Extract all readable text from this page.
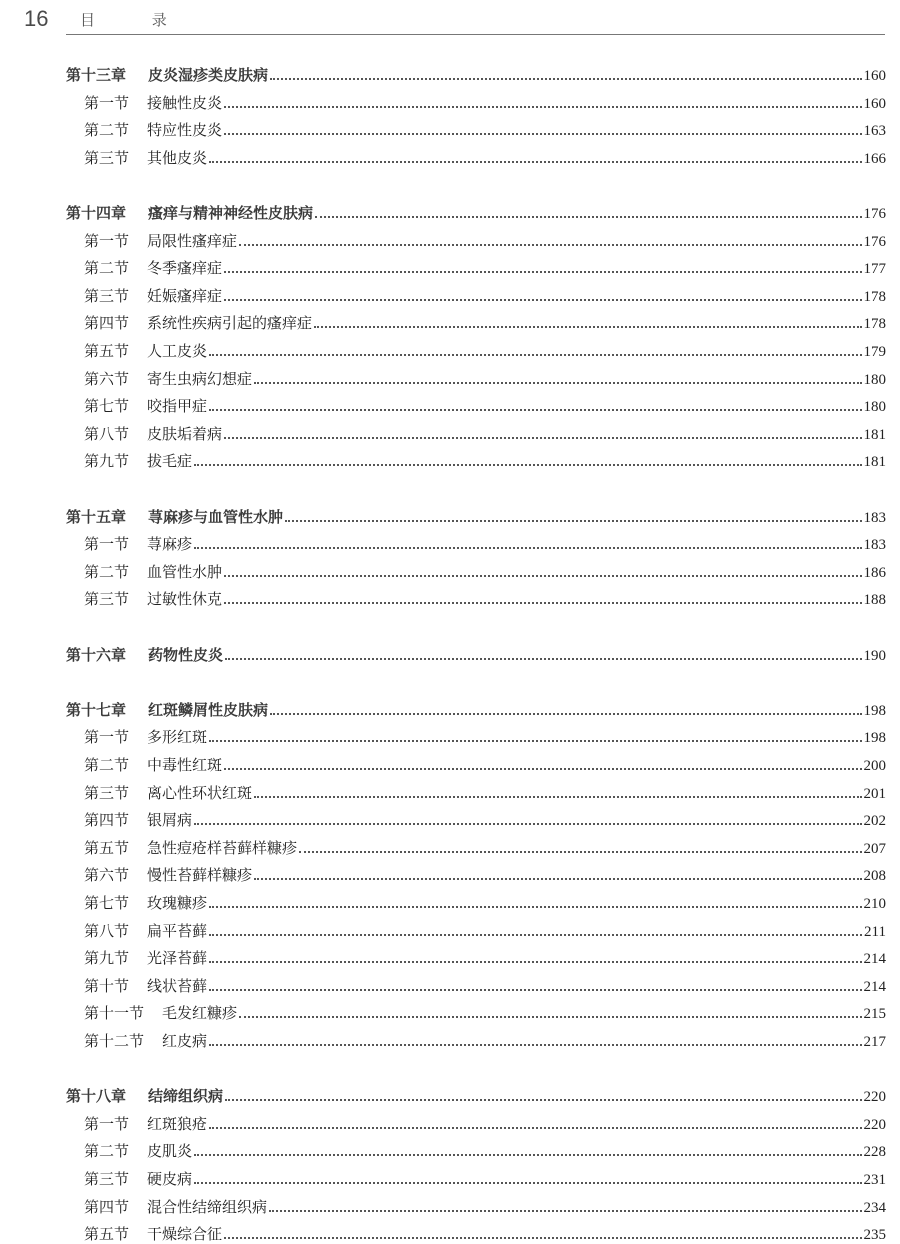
16 目 录
第十三章 皮炎湿疹类皮肤病	160
第一节 接触性皮炎	160
第二节 特应性皮炎	163
第三节 其他皮炎	166
第十四章 瘙痒与精神神经性皮肤病	176
第一节 局限性瘙痒症	176
第二节 冬季瘙痒症	177
第三节 妊娠瘙痒症	178
第四节 系统性疾病引起的瘙痒症	178
第五节 人工皮炎	179
第六节 寄生虫病幻想症	180
第七节 咬指甲症	180
第八节 皮肤垢着病	181
第九节 拔毛症	181
第十五章 荨麻疹与血管性水肿	183
第一节 荨麻疹	183
第二节 血管性水肿	186
第三节 过敏性休克	188
第十六章 药物性皮炎	190
第十七章 红斑鳞屑性皮肤病	198
第一节 多形红斑	198
第二节 中毒性红斑	200
第三节 离心性环状红斑	201
第四节 银屑病	202
第五节 急性痘疮样苔藓样糠疹	207
第六节 慢性苔藓样糠疹	208
第七节 玫瑰糠疹	210
第八节 扁平苔藓	211
第九节 光泽苔藓	214
第十节 线状苔藓	214
第十一节 毛发红糠疹	215
第十二节 红皮病	217
第十八章 结缔组织病	220
第一节 红斑狼疮	220
第二节 皮肌炎	228
第三节 硬皮病	231
第四节 混合性结缔组织病	234
第五节 干燥综合征	235
